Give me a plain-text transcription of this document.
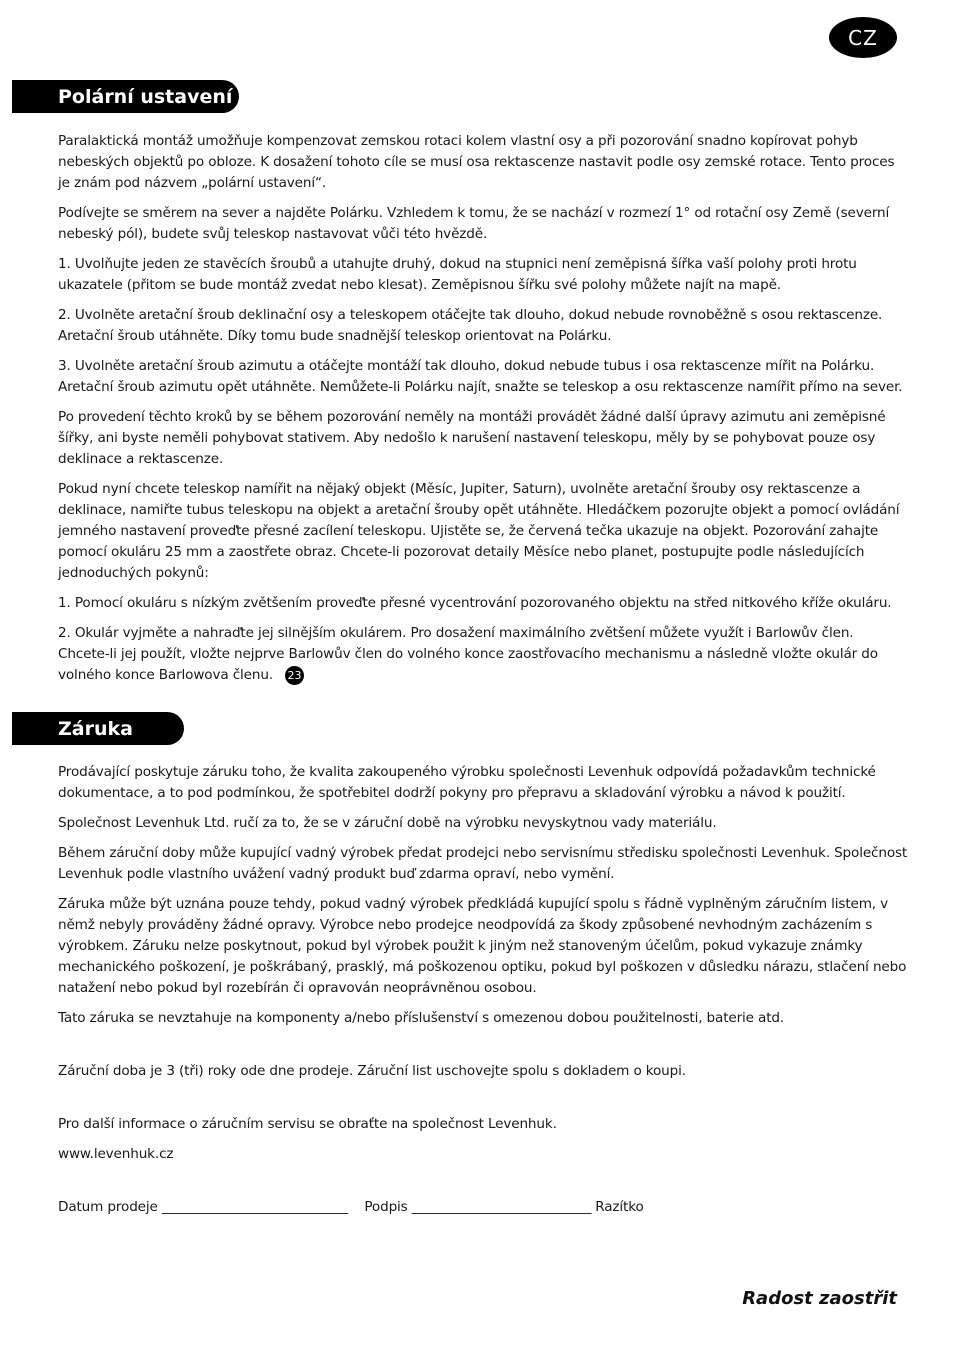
CZ
Polární ustavení

Paralaktická montáž umožňuje kompenzovat zemskou rotaci kolem vlastní osy a při pozorování snadno kopírovat pohyb nebeských objektů po obloze. K dosažení tohoto cíle se musí osa rektascenze nastavit podle osy zemské rotace. Tento proces je znám pod názvem „polární ustavení“.

Podívejte se směrem na sever a najděte Polárku. Vzhledem k tomu, že se nachází v rozmezí 1° od rotační osy Země (severní nebeský pól), budete svůj teleskop nastavovat vůči této hvězdě.

1. Uvolňujte jeden ze stavěcích šroubů a utahujte druhý, dokud na stupnici není zeměpisná šířka vaší polohy proti hrotu ukazatele (přitom se bude montáž zvedat nebo klesat). Zeměpisnou šířku své polohy můžete najít na mapě.

2. Uvolněte aretační šroub deklinační osy a teleskopem otáčejte tak dlouho, dokud nebude rovnoběžně s osou rektascenze. Aretační šroub utáhněte. Díky tomu bude snadnější teleskop orientovat na Polárku.

3. Uvolněte aretační šroub azimutu a otáčejte montáží tak dlouho, dokud nebude tubus i osa rektascenze mířit na Polárku. Aretační šroub azimutu opět utáhněte. Nemůžete-li Polárku najít, snažte se teleskop a osu rektascenze namířit přímo na sever.

Po provedení těchto kroků by se během pozorování neměly na montáži provádět žádné další úpravy azimutu ani zeměpisné šířky, ani byste neměli pohybovat stativem. Aby nedošlo k narušení nastavení teleskopu, měly by se pohybovat pouze osy deklinace a rektascenze.

Pokud nyní chcete teleskop namířit na nějaký objekt (Měsíc, Jupiter, Saturn), uvolněte aretační šrouby osy rektascenze a deklinace, namiřte tubus teleskopu na objekt a aretační šrouby opět utáhněte. Hledáčkem pozorujte objekt a pomocí ovládání jemného nastavení proveďte přesné zacílení teleskopu. Ujistěte se, že červená tečka ukazuje na objekt. Pozorování zahajte pomocí okuláru 25 mm a zaostřete obraz. Chcete-li pozorovat detaily Měsíce nebo planet, postupujte podle následujících jednoduchých pokynů:

1. Pomocí okuláru s nízkým zvětšením proveďte přesné vycentrování pozorovaného objektu na střed nitkového kříže okuláru.

2. Okulár vyjměte a nahraďte jej silnějším okulárem. Pro dosažení maximálního zvětšení můžete využít i Barlowův člen. Chcete-li jej použít, vložte nejprve Barlowův člen do volného konce zaostřovacího mechanismu a následně vložte okulár do volného konce Barlowova členu. 23

Záruka

Prodávající poskytuje záruku toho, že kvalita zakoupeného výrobku společnosti Levenhuk odpovídá požadavkům technické dokumentace, a to pod podmínkou, že spotřebitel dodrží pokyny pro přepravu a skladování výrobku a návod k použití.

Společnost Levenhuk Ltd. ručí za to, že se v záruční době na výrobku nevyskytnou vady materiálu.

Během záruční doby může kupující vadný výrobek předat prodejci nebo servisnímu středisku společnosti Levenhuk. Společnost Levenhuk podle vlastního uvážení vadný produkt buď zdarma opraví, nebo vymění.

Záruka může být uznána pouze tehdy, pokud vadný výrobek předkládá kupující spolu s řádně vyplněným záručním listem, v němž nebyly prováděny žádné opravy. Výrobce nebo prodejce neodpovídá za škody způsobené nevhodným zacházením s výrobkem. Záruku nelze poskytnout, pokud byl výrobek použit k jiným než stanoveným účelům, pokud vykazuje známky mechanického poškození, je poškrábaný, prasklý, má poškozenou optiku, pokud byl poškozen v důsledku nárazu, stlačení nebo natažení nebo pokud byl rozebírán či opravován neoprávněnou osobou.

Tato záruka se nevztahuje na komponenty a/nebo příslušenství s omezenou dobou použitelnosti, baterie atd.

Záruční doba je 3 (tři) roky ode dne prodeje. Záruční list uschovejte spolu s dokladem o koupi.

Pro další informace o záručním servisu se obraťte na společnost Levenhuk.

www.levenhuk.cz

Datum prodeje ____________________________
Podpis ___________________________ Razítko
Radost zaostřit
